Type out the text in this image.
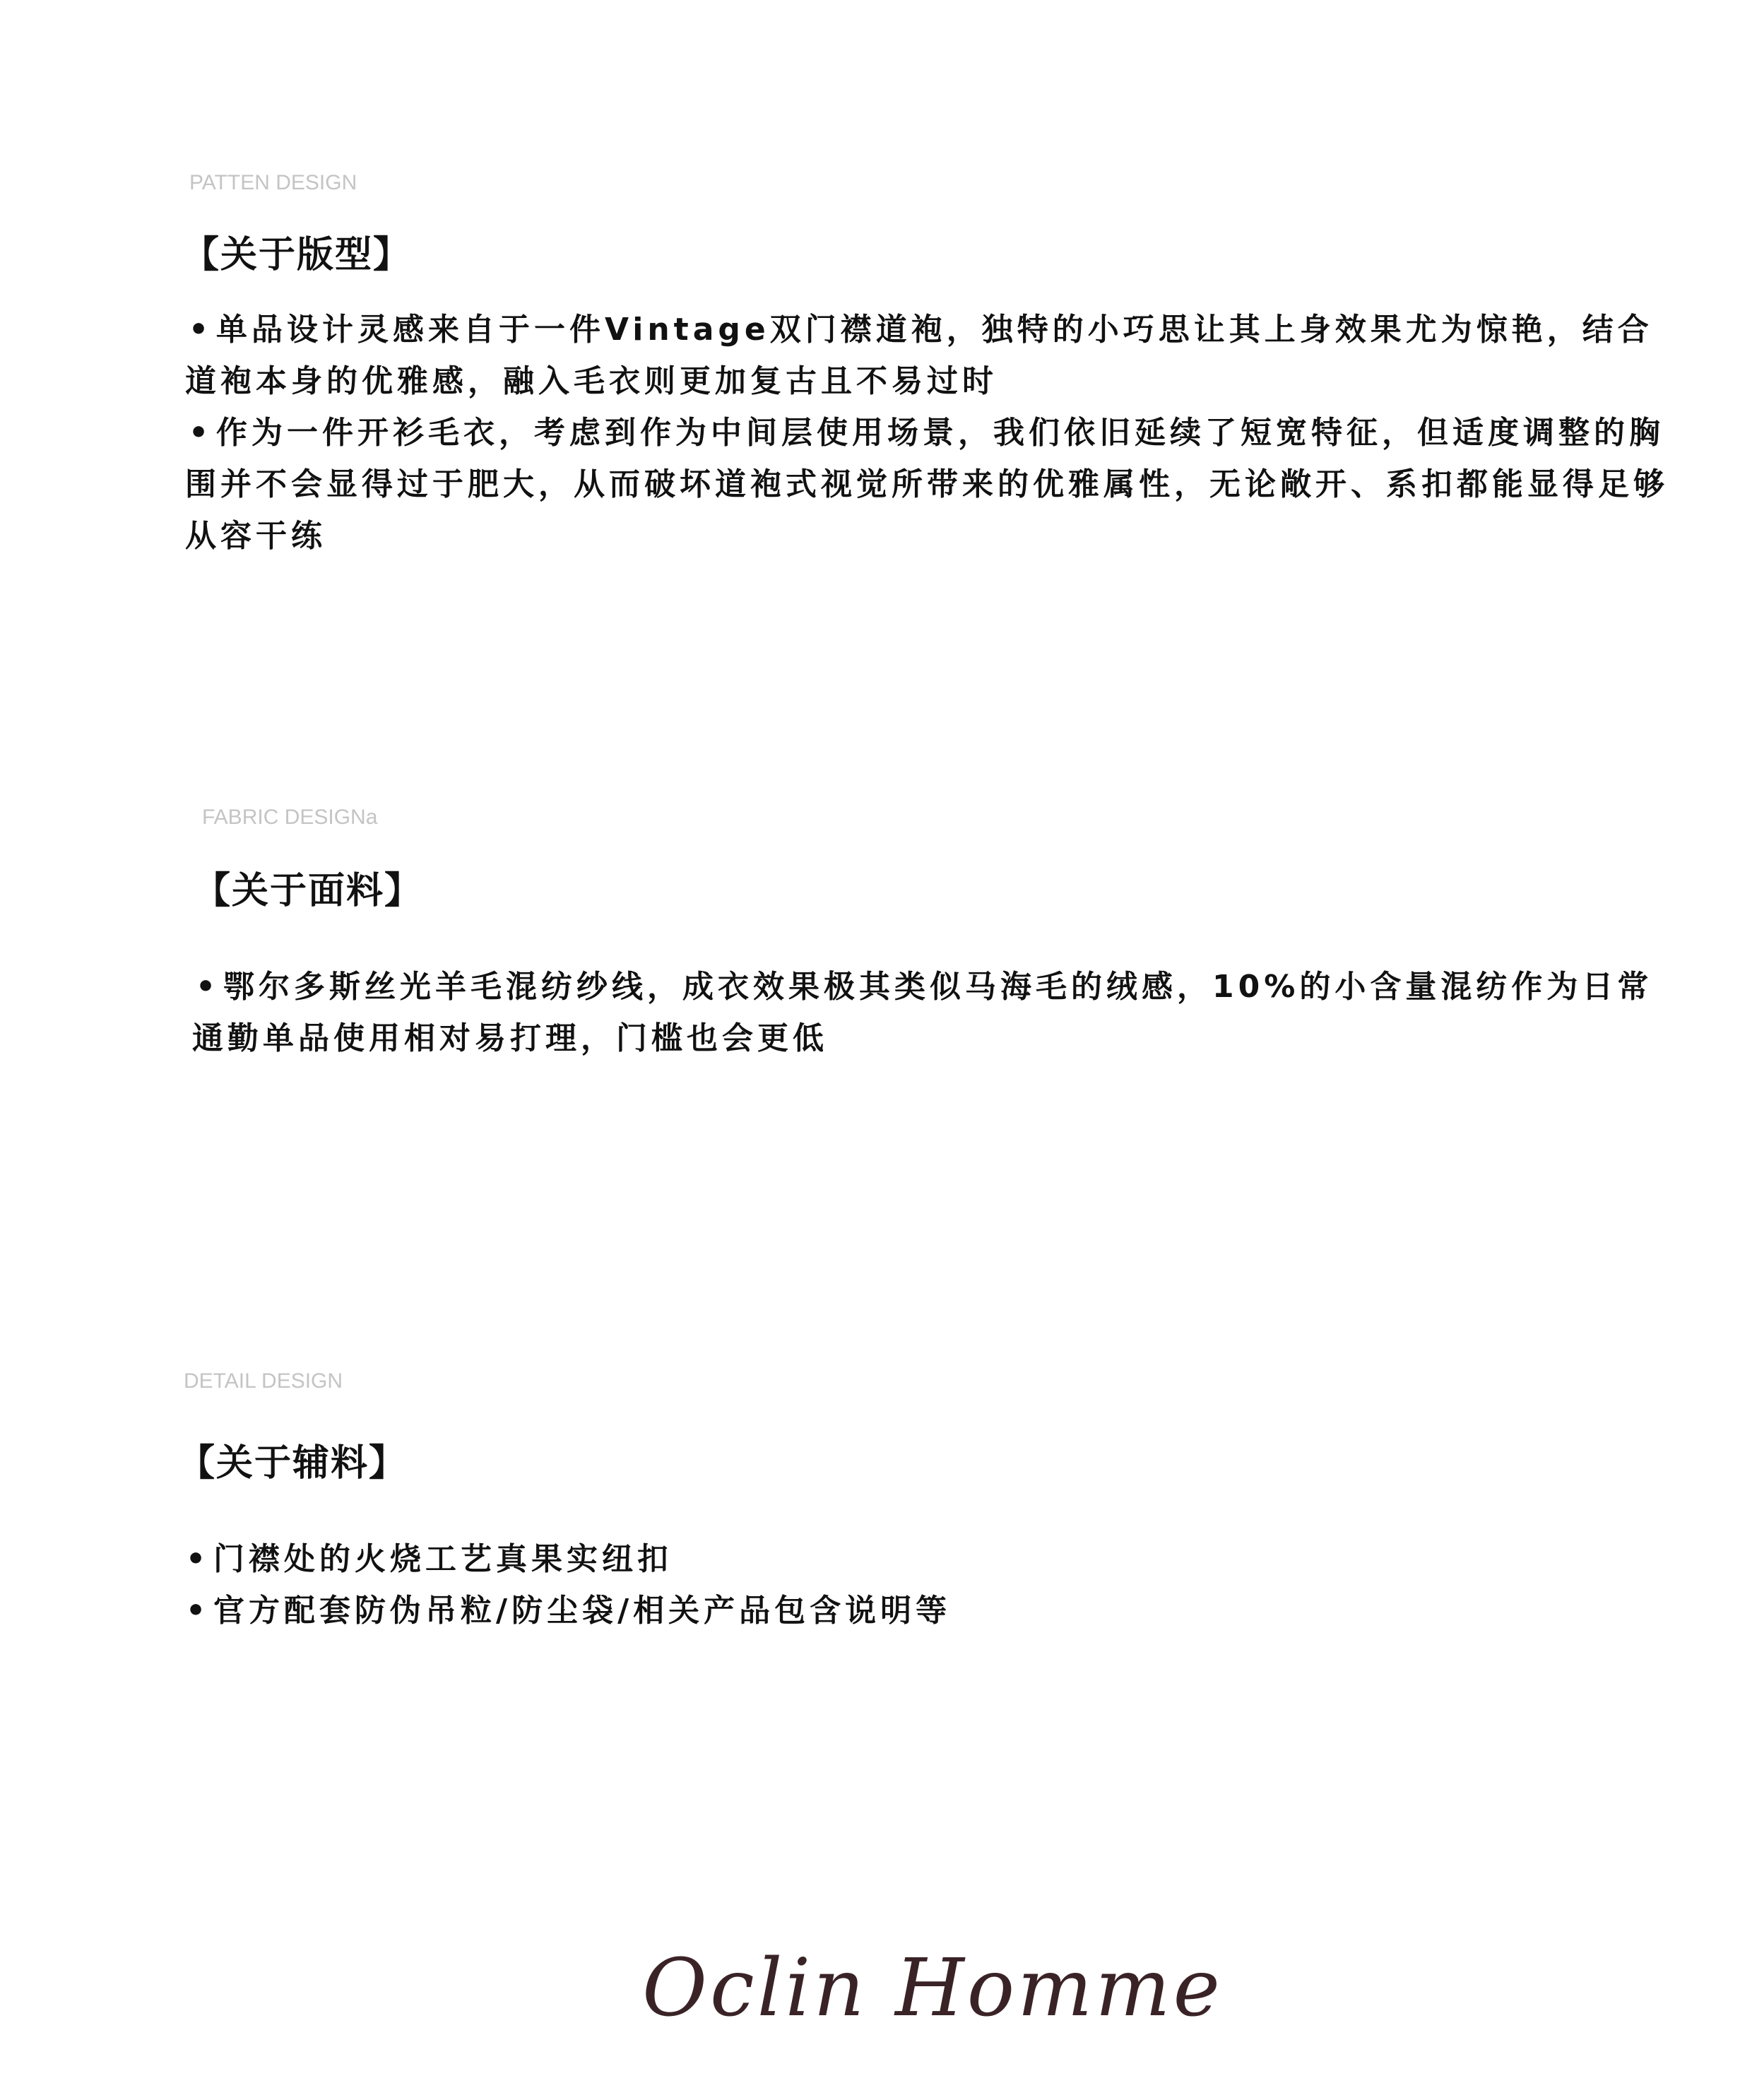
PATTEN DESIGN
【关于版型】

• 单品设计灵感来自于一件Vintage双门襟道袍，独特的小巧思让其上身效果尤为惊艳，结合道袍本身的优雅感，融入毛衣则更加复古且不易过时

• 作为一件开衫毛衣，考虑到作为中间层使用场景，我们依旧延续了短宽特征，但适度调整的胸围并不会显得过于肥大，从而破坏道袍式视觉所带来的优雅属性，无论敞开、系扣都能显得足够从容干练

FABRIC DESIGNa
【关于面料】

• 鄂尔多斯丝光羊毛混纺纱线，成衣效果极其类似马海毛的绒感，10%的小含量混纺作为日常通勤单品使用相对易打理，门槛也会更低

DETAIL DESIGN
【关于辅料】

• 门襟处的火烧工艺真果实纽扣

• 官方配套防伪吊粒/防尘袋/相关产品包含说明等

Oclin Homme
